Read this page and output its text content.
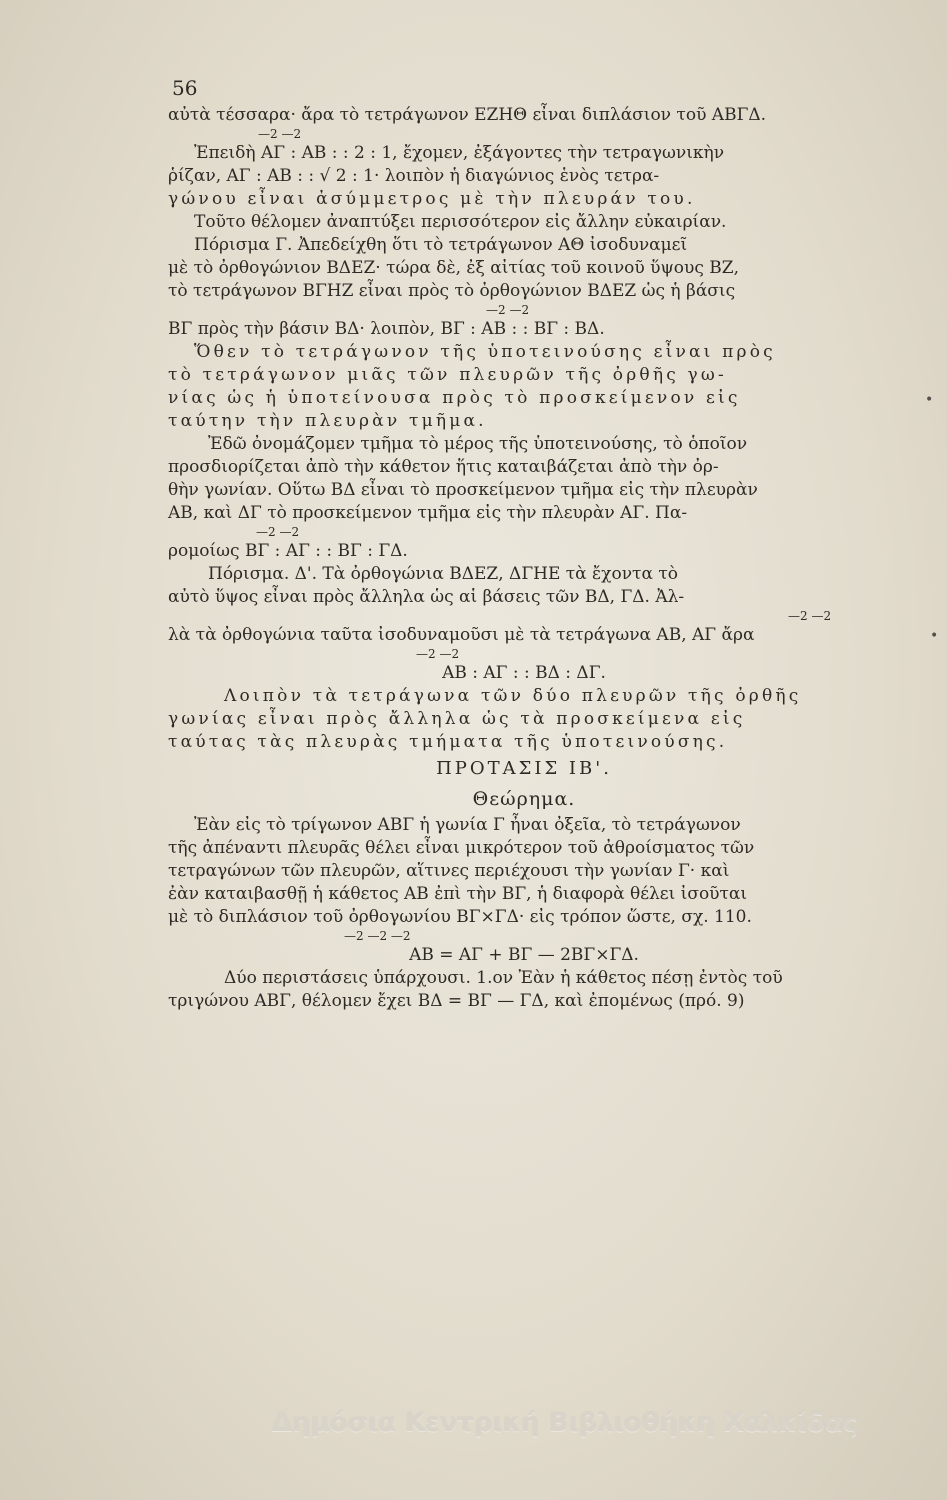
56
αὐτὰ τέσσαρα· ἄρα τὸ τετράγωνον ΕΖΗΘ εἶναι διπλάσιον τοῦ ΑΒΓΔ.
—2 —2
Ἐπειδὴ ΑΓ : ΑΒ : : 2 : 1, ἔχομεν, ἐξάγοντες τὴν τετραγωνικὴν
ῥίζαν, ΑΓ : ΑΒ : : √ 2 : 1· λοιπὸν ἡ διαγώνιος ἑνὸς τετρα-
γώνου εἶναι ἀσύμμετρος μὲ τὴν πλευράν του.
Τοῦτο θέλομεν ἀναπτύξει περισσότερον εἰς ἄλλην εὐκαιρίαν.
Πόρισμα Γ. Ἀπεδείχθη ὅτι τὸ τετράγωνον ΑΘ ἰσοδυναμεῖ
μὲ τὸ ὀρθογώνιον ΒΔΕΖ· τώρα δὲ, ἐξ αἰτίας τοῦ κοινοῦ ὕψους ΒΖ,
τὸ τετράγωνον ΒΓΗΖ εἶναι πρὸς τὸ ὀρθογώνιον ΒΔΕΖ ὡς ἡ βάσις
—2 —2
ΒΓ πρὸς τὴν βάσιν ΒΔ· λοιπὸν, ΒΓ : ΑΒ : : ΒΓ : ΒΔ.
Ὅθεν τὸ τετράγωνον τῆς ὑποτεινούσης εἶναι πρὸς
τὸ τετράγωνον μιᾶς τῶν πλευρῶν τῆς ὀρθῆς γω-
νίας ὡς ἡ ὑποτείνουσα πρὸς τὸ προσκείμενον εἰς
ταύτην τὴν πλευρὰν τμῆμα.
Ἐδῶ ὀνομάζομεν τμῆμα τὸ μέρος τῆς ὑποτεινούσης, τὸ ὁποῖον
προσδιορίζεται ἀπὸ τὴν κάθετον ἥτις καταιβάζεται ἀπὸ τὴν ὀρ-
θὴν γωνίαν. Οὕτω ΒΔ εἶναι τὸ προσκείμενον τμῆμα εἰς τὴν πλευρὰν
ΑΒ, καὶ ΔΓ τὸ προσκείμενον τμῆμα εἰς τὴν πλευρὰν ΑΓ. Πα-
—2 —2
ρομοίως ΒΓ : ΑΓ : : ΒΓ : ΓΔ.
Πόρισμα. Δ'. Τὰ ὀρθογώνια ΒΔΕΖ, ΔΓΗΕ τὰ ἔχοντα τὸ
αὐτὸ ὕψος εἶναι πρὸς ἄλληλα ὡς αἱ βάσεις τῶν ΒΔ, ΓΔ. Ἀλ-
—2 —2
λὰ τὰ ὀρθογώνια ταῦτα ἰσοδυναμοῦσι μὲ τὰ τετράγωνα ΑΒ, ΑΓ ἄρα
—2 —2
ΑΒ : ΑΓ : : ΒΔ : ΔΓ.
Λοιπὸν τὰ τετράγωνα τῶν δύο πλευρῶν τῆς ὀρθῆς
γωνίας εἶναι πρὸς ἄλληλα ὡς τὰ προσκείμενα εἰς
ταύτας τὰς πλευρὰς τμήματα τῆς ὑποτεινούσης.
ΠΡΟΤΑΣΙΣ ΙΒ'.
Θεώρημα.
Ἐὰν εἰς τὸ τρίγωνον ΑΒΓ ἡ γωνία Γ ἦναι ὀξεῖα, τὸ τετράγωνον
τῆς ἀπέναντι πλευρᾶς θέλει εἶναι μικρότερον τοῦ ἀθροίσματος τῶν
τετραγώνων τῶν πλευρῶν, αἵτινες περιέχουσι τὴν γωνίαν Γ· καὶ
ἐὰν καταιβασθῇ ἡ κάθετος ΑΒ ἐπὶ τὴν ΒΓ, ἡ διαφορὰ θέλει ἰσοῦται
μὲ τὸ διπλάσιον τοῦ ὀρθογωνίου ΒΓ×ΓΔ· εἰς τρόπον ὥστε, σχ. 110.
—2 —2 —2
ΑΒ = ΑΓ + ΒΓ — 2ΒΓ×ΓΔ.
Δύο περιστάσεις ὑπάρχουσι. 1.ον Ἐὰν ἡ κάθετος πέσῃ ἐντὸς τοῦ
τριγώνου ΑΒΓ, θέλομεν ἔχει ΒΔ = ΒΓ — ΓΔ, καὶ ἐπομένως (πρό. 9)
•
•
Δημόσια Κεντρική Βιβλιοθήκη Χαλκίδας
